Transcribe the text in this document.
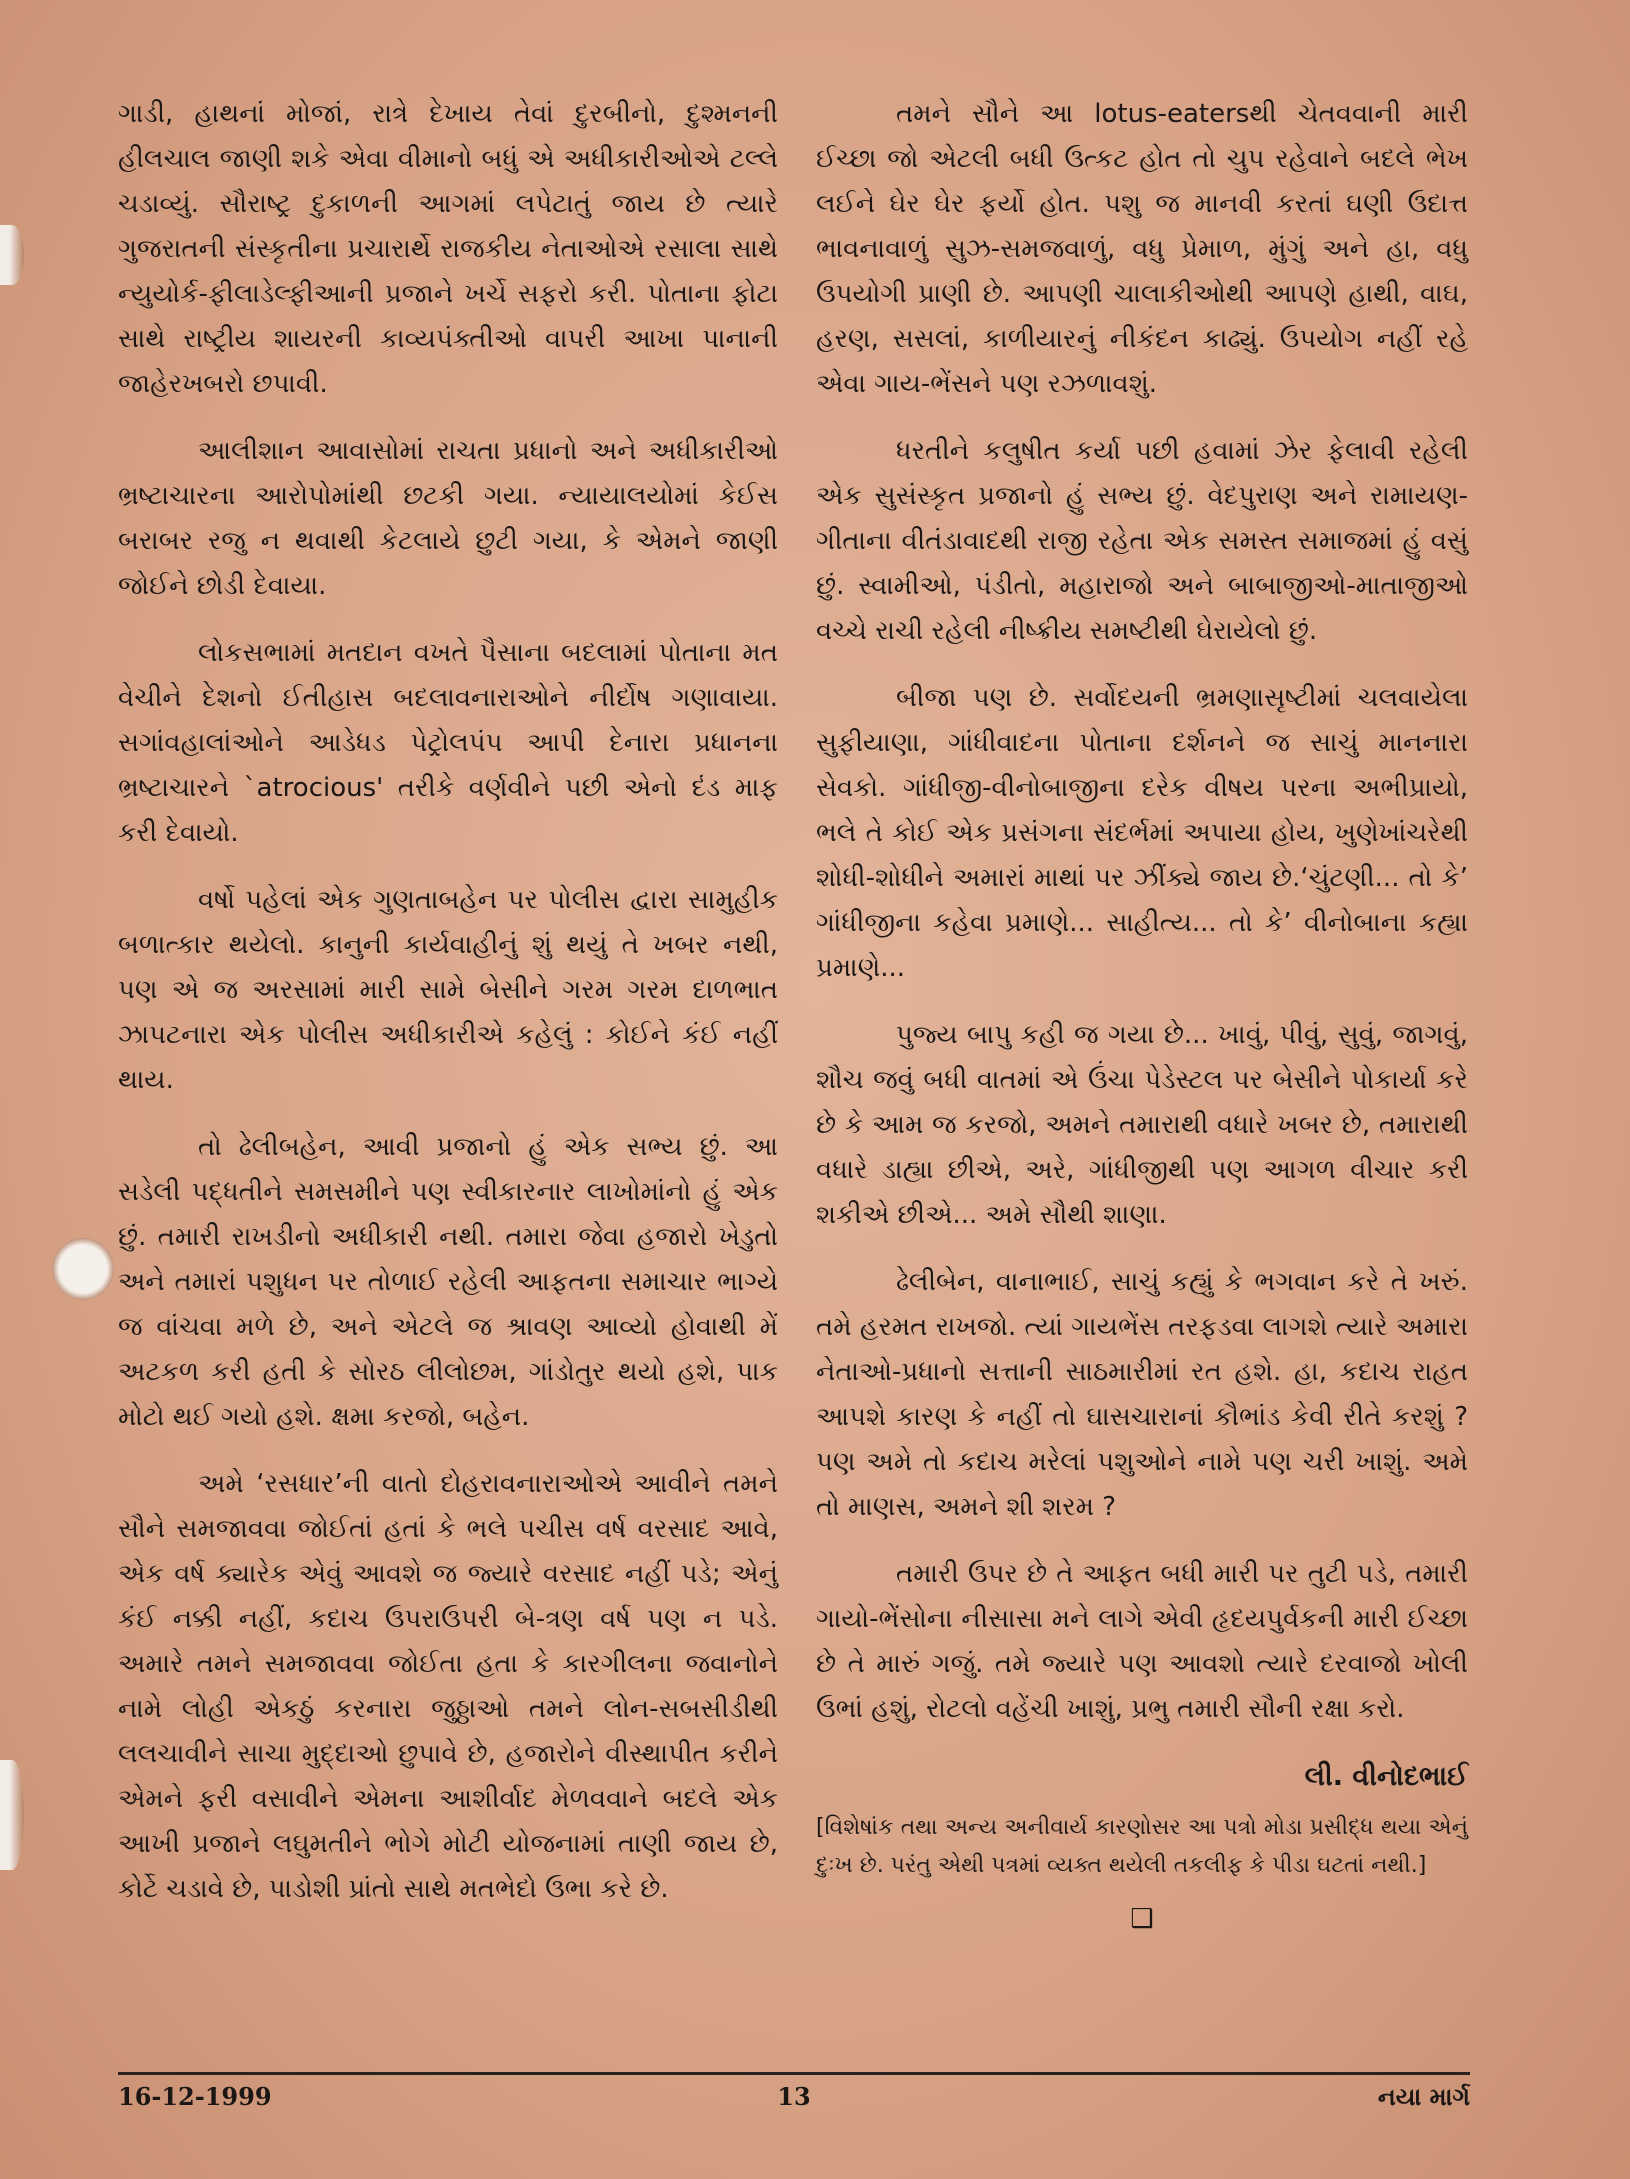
ગાડી, હાથનાં મોજાં, રાત્રે દેખાય તેવાં દુરબીનો, દુશ્મનની હીલચાલ જાણી શકે એવા વીમાનો બધું એ અધીકારીઓએ ટલ્લે ચડાવ્યું. સૌરાષ્ટ્ર દુકાળની આગમાં લપેટાતું જાય છે ત્યારે ગુજરાતની સંસ્કૃતીના પ્રચારાર્થે રાજકીય નેતાઓએ રસાલા સાથે ન્યુયોર્ક-ફીલાડેલ્ફીઆની પ્રજાને ખર્ચે સફરો કરી. પોતાના ફોટા સાથે રાષ્ટ્રીય શાયરની કાવ્યપંક્તીઓ વાપરી આખા પાનાની જાહેરખબરો છપાવી.

આલીશાન આવાસોમાં રાચતા પ્રધાનો અને અધીકારીઓ ભ્રષ્ટાચારના આરોપોમાંથી છટકી ગયા. ન્યાયાલયોમાં કેઈસ બરાબર રજુ ન થવાથી કેટલાયે છુટી ગયા, કે એમને જાણી જોઈને છોડી દેવાયા.

લોકસભામાં મતદાન વખતે પૈસાના બદલામાં પોતાના મત વેચીને દેશનો ઈતીહાસ બદલાવનારાઓને નીર્દોષ ગણાવાયા. સગાંવહાલાંઓને આડેધડ પેટ્રોલપંપ આપી દેનારા પ્રધાનના ભ્રષ્ટાચારને `atrocious' તરીકે વર્ણવીને પછી એનો દંડ માફ કરી દેવાયો.

વર્ષો પહેલાં એક ગુણતાબહેન પર પોલીસ દ્વારા સામુહીક બળાત્કાર થયેલો. કાનુની કાર્યવાહીનું શું થયું તે ખબર નથી, પણ એ જ અરસામાં મારી સામે બેસીને ગરમ ગરમ દાળભાત ઝાપટનારા એક પોલીસ અધીકારીએ કહેલું : કોઈને કંઈ નહીં થાય.

તો ઢેલીબહેન, આવી પ્રજાનો હું એક સભ્ય છું. આ સડેલી પદ્ધતીને સમસમીને પણ સ્વીકારનાર લાખોમાંનો હું એક છું. તમારી રાખડીનો અધીકારી નથી. તમારા જેવા હજારો ખેડુતો અને તમારાં પશુધન પર તોળાઈ રહેલી આફતના સમાચાર ભાગ્યે જ વાંચવા મળે છે, અને એટલે જ શ્રાવણ આવ્યો હોવાથી મેં અટકળ કરી હતી કે સોરઠ લીલોછમ, ગાંડોતુર થયો હશે, પાક મોટો થઈ ગયો હશે. ક્ષમા કરજો, બહેન.

અમે ‘રસધાર’ની વાતો દોહરાવનારાઓએ આવીને તમને સૌને સમજાવવા જોઈતાં હતાં કે ભલે પચીસ વર્ષ વરસાદ આવે, એક વર્ષ ક્યારેક એવું આવશે જ જ્યારે વરસાદ નહીં પડે; એનું કંઈ નક્કી નહીં, કદાચ ઉપરાઉપરી બે-ત્રણ વર્ષ પણ ન પડે. અમારે તમને સમજાવવા જોઈતા હતા કે કારગીલના જવાનોને નામે લોહી એકઠું કરનારા જુઠ્ઠાઓ તમને લોન-સબસીડીથી લલચાવીને સાચા મુદ્દાઓ છુપાવે છે, હજારોને વીસ્થાપીત કરીને એમને ફરી વસાવીને એમના આશીર્વાદ મેળવવાને બદલે એક આખી પ્રજાને લઘુમતીને ભોગે મોટી યોજનામાં તાણી જાય છે, કોર્ટે ચડાવે છે, પાડોશી પ્રાંતો સાથે મતભેદો ઉભા કરે છે.

તમને સૌને આ lotus-eatersથી ચેતવવાની મારી ઈચ્છા જો એટલી બધી ઉત્કટ હોત તો ચુપ રહેવાને બદલે ભેખ લઈને ઘેર ઘેર ફર્યો હોત. પશુ જ માનવી કરતાં ઘણી ઉદાત્ત ભાવનાવાળું સુઝ-સમજવાળું, વધુ પ્રેમાળ, મુંગું અને હા, વધુ ઉપયોગી પ્રાણી છે. આપણી ચાલાકીઓથી આપણે હાથી, વાઘ, હરણ, સસલાં, કાળીયારનું નીકંદન કાઢ્યું. ઉપયોગ નહીં રહે એવા ગાય-ભેંસને પણ રઝળાવશું.

ધરતીને કલુષીત કર્યા પછી હવામાં ઝેર ફેલાવી રહેલી એક સુસંસ્કૃત પ્રજાનો હું સભ્ય છું. વેદપુરાણ અને રામાયણ-ગીતાના વીતંડાવાદથી રાજી રહેતા એક સમસ્ત સમાજમાં હું વસું છું. સ્વામીઓ, પંડીતો, મહારાજો અને બાબાજીઓ-માતાજીઓ વચ્ચે રાચી રહેલી નીષ્ક્રીય સમષ્ટીથી ઘેરાયેલો છું.

બીજા પણ છે. સર્વોદયની ભ્રમણાસૃષ્ટીમાં ચલવાયેલા સુફીયાણા, ગાંધીવાદના પોતાના દર્શનને જ સાચું માનનારા સેવકો. ગાંધીજી-વીનોબાજીના દરેક વીષય પરના અભીપ્રાયો, ભલે તે કોઈ એક પ્રસંગના સંદર્ભમાં અપાયા હોય, ખુણેખાંચરેથી શોધી-શોધીને અમારાં માથાં પર ઝીંક્યે જાય છે.‘ચુંટણી... તો કે’ ગાંધીજીના કહેવા પ્રમાણે... સાહીત્ય... તો કે’ વીનોબાના કહ્યા પ્રમાણે...

પુજ્ય બાપુ કહી જ ગયા છે... ખાવું, પીવું, સુવું, જાગવું, શૌચ જવું બધી વાતમાં એ ઉંચા પેડેસ્ટલ પર બેસીને પોકાર્યા કરે છે કે આમ જ કરજો, અમને તમારાથી વધારે ખબર છે, તમારાથી વધારે ડાહ્યા છીએ, અરે, ગાંધીજીથી પણ આગળ વીચાર કરી શકીએ છીએ... અમે સૌથી શાણા.

ઢેલીબેન, વાનાભાઈ, સાચું કહ્યું કે ભગવાન કરે તે ખરું. તમે હરમત રાખજો. ત્યાં ગાયભેંસ તરફડવા લાગશે ત્યારે અમારા નેતાઓ-પ્રધાનો સત્તાની સાઠમારીમાં રત હશે. હા, કદાચ રાહત આપશે કારણ કે નહીં તો ઘાસચારાનાં કૌભાંડ કેવી રીતે કરશું ? પણ અમે તો કદાચ મરેલાં પશુઓને નામે પણ ચરી ખાશું. અમે તો માણસ, અમને શી શરમ ?

તમારી ઉપર છે તે આફત બધી મારી પર તુટી પડે, તમારી ગાયો-ભેંસોના નીસાસા મને લાગે એવી હૃદયપુર્વકની મારી ઈચ્છા છે તે મારું ગજું. તમે જ્યારે પણ આવશો ત્યારે દરવાજો ખોલી ઉભાં હશું, રોટલો વહેંચી ખાશું, પ્રભુ તમારી સૌની રક્ષા કરો.

લી. વીનોદભાઈ
[વિશેષાંક તથા અન્ય અનીવાર્ય કારણોસર આ પત્રો મોડા પ્રસીદ્ધ થયા એનું દુઃખ છે. પરંતુ એથી પત્રમાં વ્યક્ત થયેલી તકલીફ કે પીડા ઘટતાં નથી.]
❑
16-12-1999	13	નયા માર્ગ
